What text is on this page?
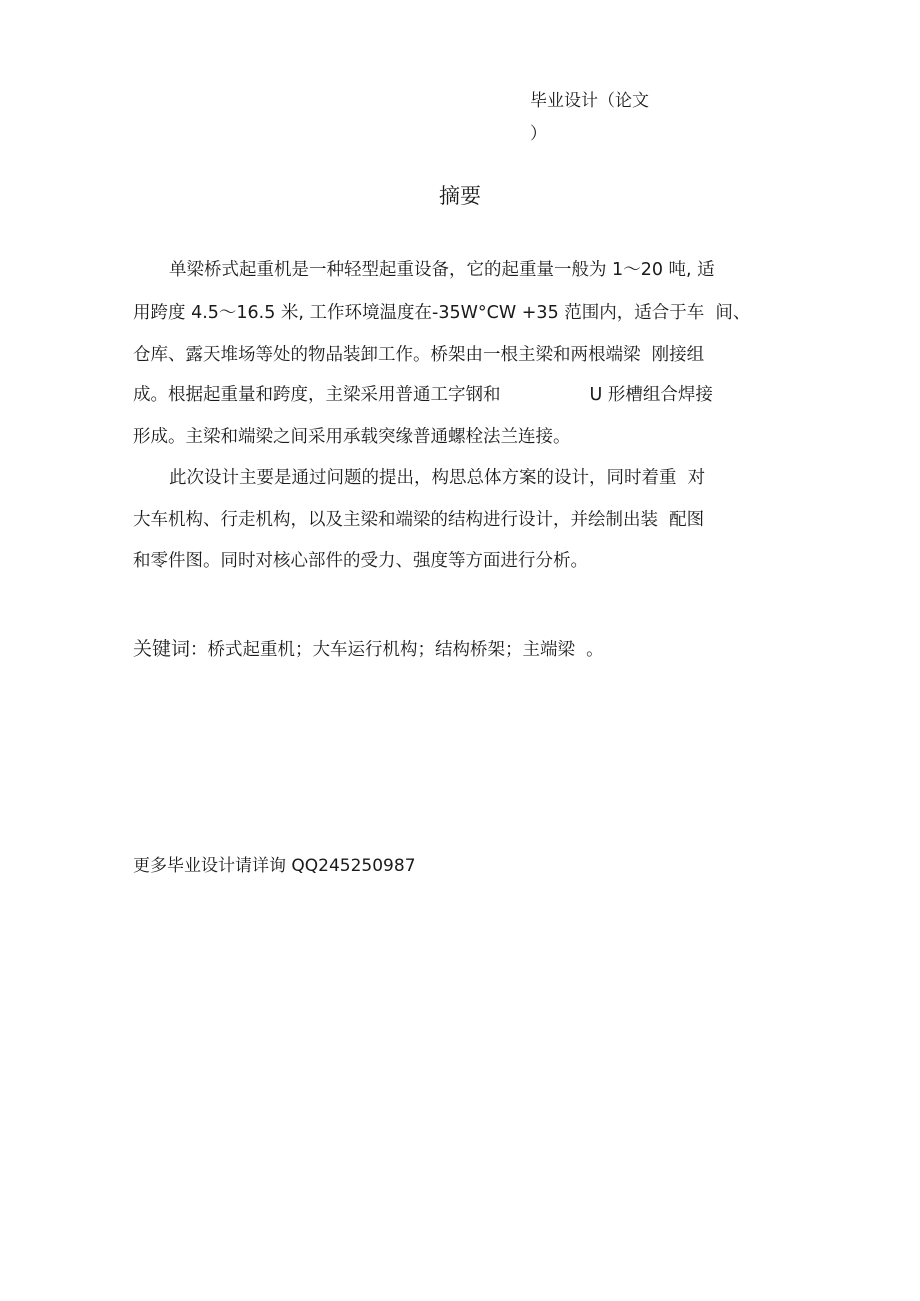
毕业设计（论文
）
摘要
单梁桥式起重机是一种轻型起重设备，它的起重量一般为 1〜20 吨, 适
用跨度 4.5〜16.5 米, 工作环境温度在-35W°CW +35 范围内，适合于车  间、
仓库、露天堆场等处的物品装卸工作。桥架由一根主梁和两根端梁  刚接组
成。根据起重量和跨度，主梁采用普通工字钢和                U 形槽组合焊接
形成。主梁和端梁之间采用承载突缘普通螺栓法兰连接。
此次设计主要是通过问题的提出，构思总体方案的设计，同时着重  对
大车机构、行走机构，以及主梁和端梁的结构进行设计，并绘制出装  配图
和零件图。同时对核心部件的受力、强度等方面进行分析。
关键词：桥式起重机；大车运行机构；结构桥架；主端梁  。
更多毕业设计请详询 QQ245250987
